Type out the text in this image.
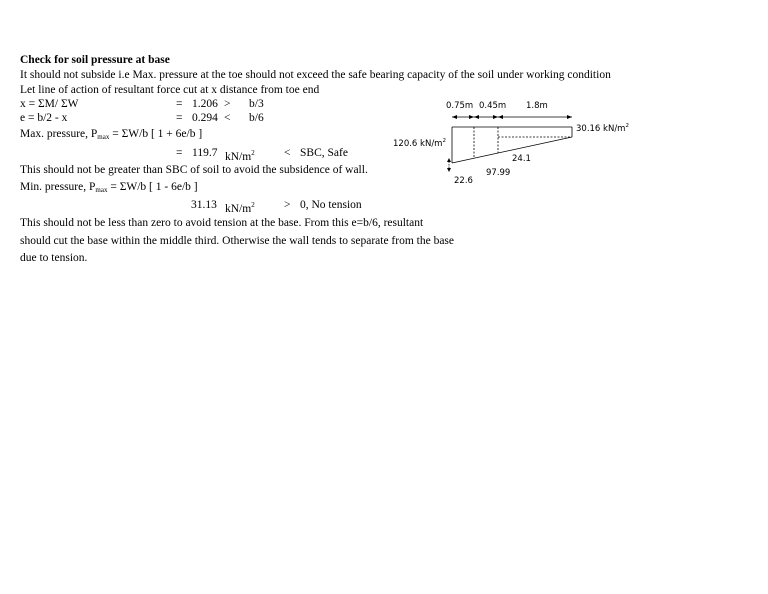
Check for soil pressure at base
It should not subside i.e Max. pressure at the toe should not exceed the safe bearing capacity of the soil under working condition
Let line of action of resultant force cut at x distance from toe end
x = ΣM/ ΣW	= 1.206 > b/3
e = b/2 - x	= 0.294 < b/6
Max. pressure, $P_{max} = \Sigma W/b$ [ 1 + 6e/b ]
= 119.7 $kN/m^2$	< SBC, Safe
This should not be greater than SBC of soil to avoid the subsidence of wall.
Min. pressure, $P_{max} = \Sigma W/b$ [ 1 - 6e/b ]
31.13 $kN/m^2$	> 0, No tension
This should not be less than zero to avoid tension at the base. From this e=b/6, resultant
should cut the base within the middle third. Otherwise the wall tends to separate from the base
due to tension.
0.75m 0.45m 1.8m
120.6 $kN/m^2$
30.16 $kN/m^2$
24.1
97.99
22.6
